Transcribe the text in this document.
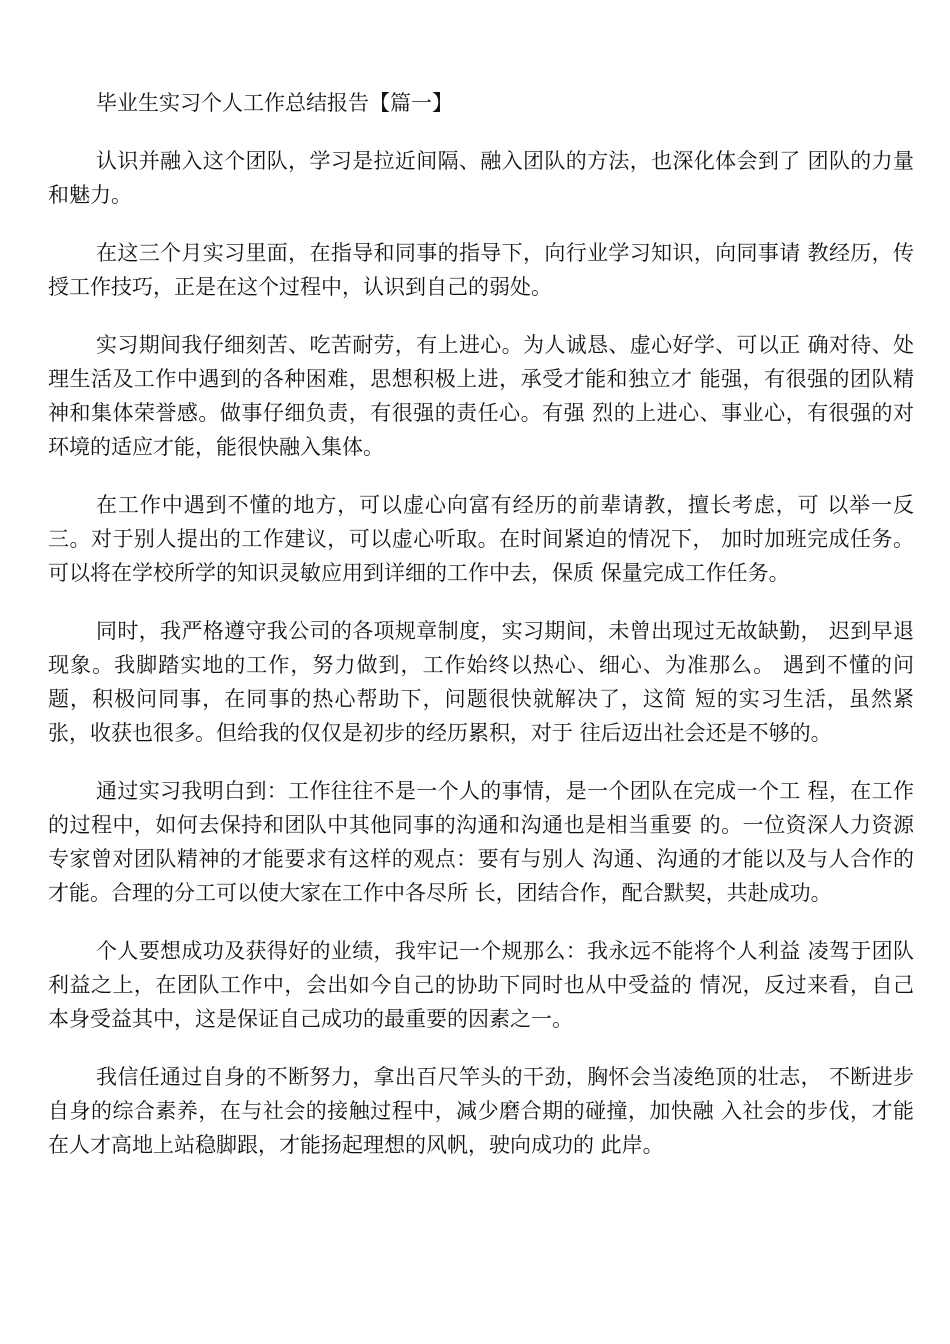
毕业生实习个人工作总结报告【篇一】

认识并融入这个团队，学习是拉近间隔、融入团队的方法，也深化体会到了 团队的力量和魅力。

在这三个月实习里面，在指导和同事的指导下，向行业学习知识，向同事请 教经历，传授工作技巧，正是在这个过程中，认识到自己的弱处。

实习期间我仔细刻苦、吃苦耐劳，有上进心。为人诚恳、虚心好学、可以正 确对待、处理生活及工作中遇到的各种困难，思想积极上进，承受才能和独立才 能强，有很强的团队精神和集体荣誉感。做事仔细负责，有很强的责任心。有强 烈的上进心、事业心，有很强的对环境的适应才能，能很快融入集体。

在工作中遇到不懂的地方，可以虚心向富有经历的前辈请教，擅长考虑，可 以举一反三。对于别人提出的工作建议，可以虚心听取。在时间紧迫的情况下， 加时加班完成任务。可以将在学校所学的知识灵敏应用到详细的工作中去，保质 保量完成工作任务。

同时，我严格遵守我公司的各项规章制度，实习期间，未曾出现过无故缺勤， 迟到早退现象。我脚踏实地的工作，努力做到，工作始终以热心、细心、为准那么。 遇到不懂的问题，积极问同事，在同事的热心帮助下，问题很快就解决了，这简 短的实习生活，虽然紧张，收获也很多。但给我的仅仅是初步的经历累积，对于 往后迈出社会还是不够的。

通过实习我明白到：工作往往不是一个人的事情，是一个团队在完成一个工 程，在工作的过程中，如何去保持和团队中其他同事的沟通和沟通也是相当重要 的。一位资深人力资源专家曾对团队精神的才能要求有这样的观点：要有与别人 沟通、沟通的才能以及与人合作的才能。合理的分工可以使大家在工作中各尽所 长，团结合作，配合默契，共赴成功。

个人要想成功及获得好的业绩，我牢记一个规那么：我永远不能将个人利益 凌驾于团队利益之上，在团队工作中，会出如今自己的协助下同时也从中受益的 情况，反过来看，自己本身受益其中，这是保证自己成功的最重要的因素之一。

我信任通过自身的不断努力，拿出百尺竿头的干劲，胸怀会当凌绝顶的壮志， 不断进步自身的综合素养，在与社会的接触过程中，减少磨合期的碰撞，加快融 入社会的步伐，才能在人才高地上站稳脚跟，才能扬起理想的风帆，驶向成功的 此岸。
